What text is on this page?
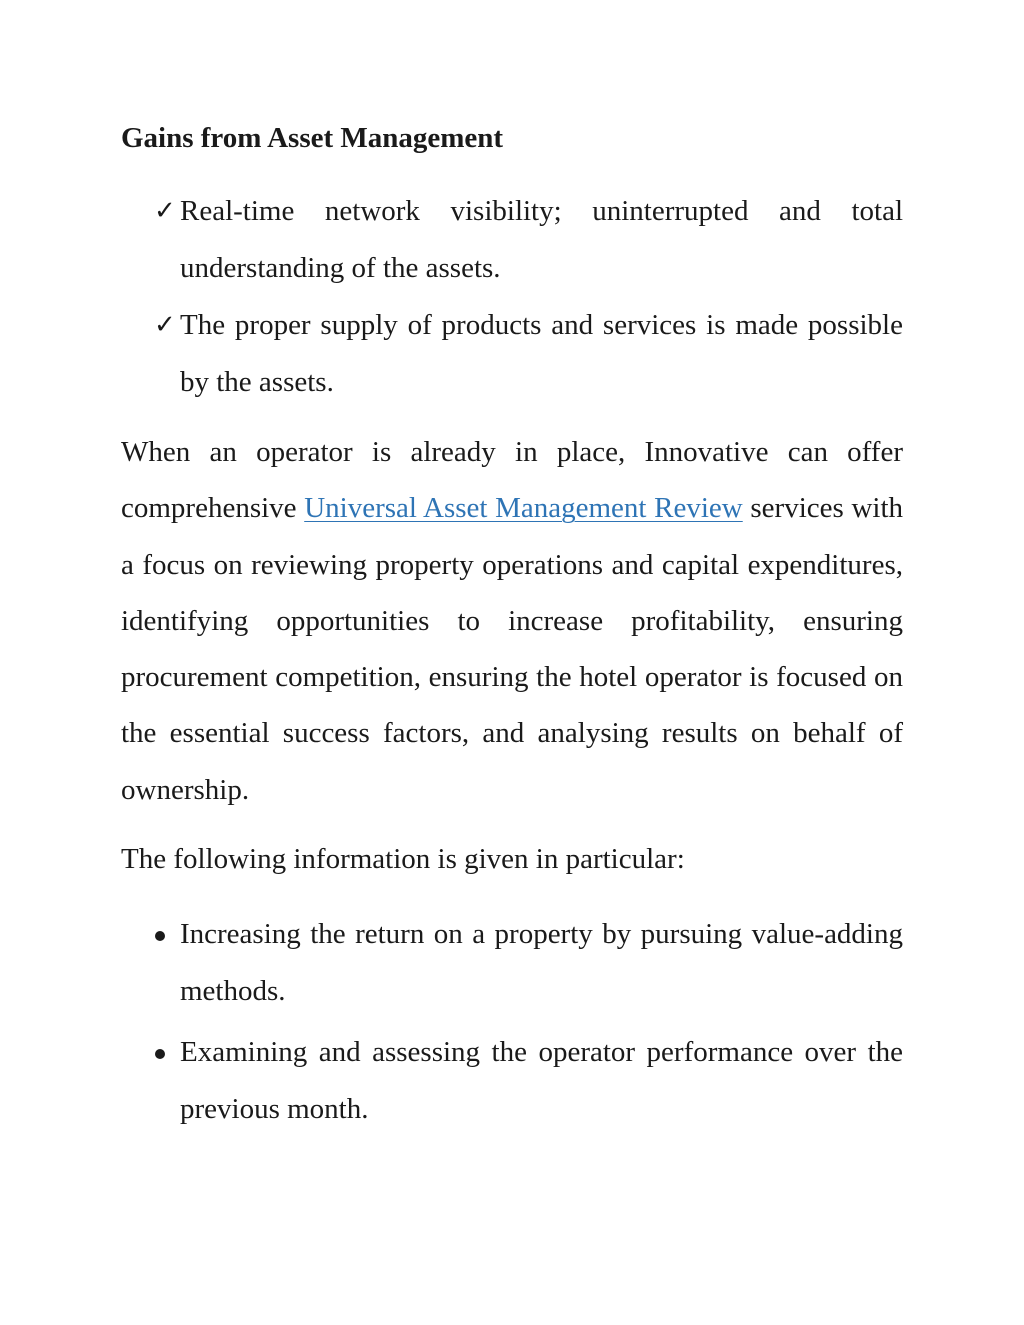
Gains from Asset Management
✓ Real-time network visibility; uninterrupted and total understanding of the assets.
✓ The proper supply of products and services is made possible by the assets.

When an operator is already in place, Innovative can offer comprehensive Universal Asset Management Review services with a focus on reviewing property operations and capital expenditures, identifying opportunities to increase profitability, ensuring procurement competition, ensuring the hotel operator is focused on the essential success factors, and analysing results on behalf of ownership.

The following information is given in particular:

Increasing the return on a property by pursuing value-adding methods.
Examining and assessing the operator performance over the previous month.
